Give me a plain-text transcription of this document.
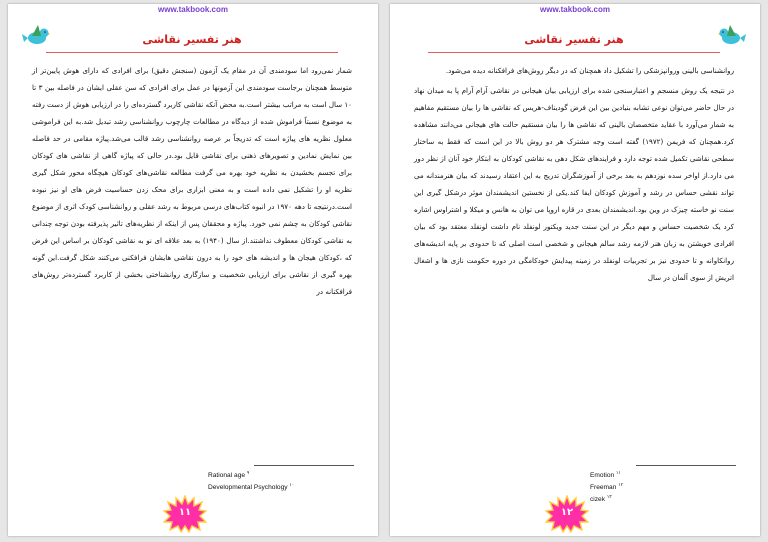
www.takbook.com
هنر تفسیر نقاشی

شمار نمی‌رود اما سودمندی آن در مقام یک آزمون (سنجش دقیق) برای افرادی که دارای هوش پایین‌تر از متوسط همچنان برجاست سودمندی این آزمونها در عمل برای افرادی که سن عقلی ایشان در فاصله بین ۳ تا ۱۰ سال است به مراتب بیشتر است.به محض آنکه نقاشی کاربرد گسترده‌ای را در ارزیابی هوش از دست رفته به موضوع نسبتاً فراموش شده از دیدگاه‌ در مطالعات چارچوب روانشناسی رشد تبدیل شد.به این فراموشی معلول نظریه های پیاژه است که تدریجاً بر عرصه روانشناسی رشد قالب می‌شد.پیاژه مقامی در حد فاصله بین نمایش نمادین و تصویرهای ذهنی برای نقاشی قایل بود.در حالی که پیاژه گاهی از نقاشی های کودکان برای تجسم بخشیدن به نظریه خود بهره می گرفت مطالعه نقاشی‌های کودکان هیچگاه محور شکل گیری نظریه او را تشکیل نمی داده است و به معنی ابزاری برای محک زدن حساسیت فرض های او نیز نبوده است.درنتیجه تا دهه ۱۹۷۰ در انبوه کتاب‌های درسی مربوط به رشد عقلی و روانشناسی کودک اثری از موضوع نقاشی کودکان به چشم نمی خورد. پیاژه و محققان پس از اینکه از نظریه‌های تاثیر پذیرفته بودن توجه چندانی به نقاشی کودکان معطوف نداشتند.از سال (۱۹۴۰) به بعد علاقه ای نو به نقاشی کودکان بر اساس این فرض که ،کودکان هیجان ها و اندیشه های خود را به درون نقاشی هایشان فرافکنی می‌کنند شکل گرفت.این گونه بهره گیری از نقاشی برای ارزیابی شخصیت و سازگاری روانشناختی بخشی از کاربرد گسترده‌تر روش‌های فرافکنانه در

Rational age $^۹$
Developmental Psychology $^{۱۰}$
۱۱
www.takbook.com
هنر تفسیر نقاشی

روانشناسی بالینی وروانپزشکی را تشکیل داد همچنان که در دیگر روش‌های فرافکنانه دیده می‌شود.

در نتیجه یک روش منسجم و اعتبارسنجی شده برای ارزیابی بیان هیجانی در نقاشی آرام آرام پا به میدان نهاد در حال حاضر می‌توان نوعی تشابه بنیادین بین این فرض گودیناف-هریس که نقاشی ها را بیان مستقیم مفاهیم به شمار می‌آورد با عقاید متخصصان بالینی که نقاشی ها را بیان مستقیم حالت های هیجانی می‌دانند مشاهده کرد.همچنان که فریمن (۱۹۷۲) گفته است وجه مشترک هر دو روش بالا در این است که فقط به ساختار سطحی نقاشی تکمیل شده توجه دارد و فرایندهای شکل دهی به نقاشی کودکان به ابتکار خود آنان از نظر دور می دارد.از اواخر سده نوزدهم به بعد برخی از آموزشگران تدریج به این اعتقاد رسیدند که بیان هنرمندانه می تواند نقشی حساس در رشد و آموزش کودکان ایفا کند.یکی از نخستین اندیشمندان موثر درشکل گیری این سنت نو خاسته چیزک در وین بود.اندیشمندان بعدی در قاره اروپا می توان به هانس و میکلا و اشتراوس اشاره کرد یک شخصیت حساس و مهم دیگر در این سنت جدید ویکتور لونفلد نام داشت لونفلد معتقد بود که بیان افرادی خویشتن به زبان هنر لازمه رشد سالم هیجانی و شخصی است اصلی که تا حدودی بر پایه اندیشه‌های روانکاوانه و تا حدودی نیز بر تجربیات لونفلد در زمینه پیدایش خودکامگی در دوره حکومت نازی ها و اشغال اتریش از سوی آلمان در سال

Emotion $^{۱۱}$
Freeman $^{۱۲}$
cizek $^{۱۳}$
۱۲
